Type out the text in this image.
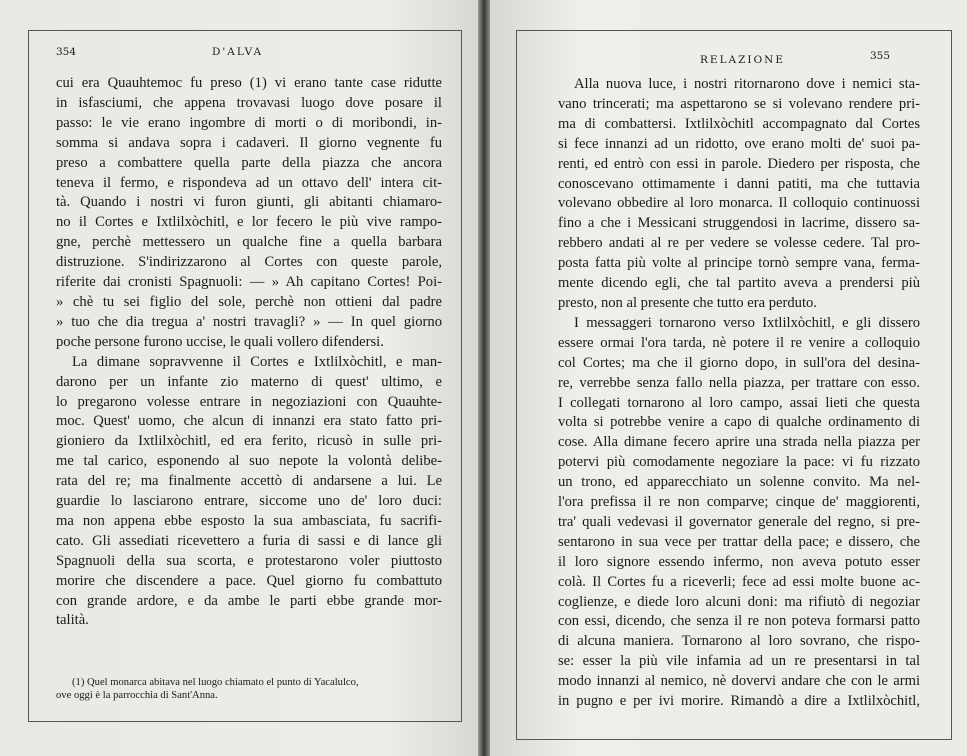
354	D'ALVA
cui era Quauhtemoc fu preso (1) vi erano tante case ridutte
in isfasciumi, che appena trovavasi luogo dove posare il
passo: le vie erano ingombre di morti o di moribondi, in-
somma si andava sopra i cadaveri. Il giorno vegnente fu
preso a combattere quella parte della piazza che ancora
teneva il fermo, e rispondeva ad un ottavo dell' intera cit-
tà. Quando i nostri vi furon giunti, gli abitanti chiamaro-
no il Cortes e Ixtlilxòchitl, e lor fecero le più vive rampo-
gne, perchè mettessero un qualche fine a quella barbara
distruzione. S'indirizzarono al Cortes con queste parole,
riferite dai cronisti Spagnuoli: — » Ah capitano Cortes! Poi-
» chè tu sei figlio del sole, perchè non ottieni dal padre
» tuo che dia tregua a' nostri travagli? » — In quel giorno
poche persone furono uccise, le quali vollero difendersi.
La dimane sopravvenne il Cortes e Ixtlilxòchitl, e man-
darono per un infante zio materno di quest' ultimo, e
lo pregarono volesse entrare in negoziazioni con Quauhte-
moc. Quest' uomo, che alcun di innanzi era stato fatto pri-
gioniero da Ixtlilxòchitl, ed era ferito, ricusò in sulle pri-
me tal carico, esponendo al suo nepote la volontà delibe-
rata del re; ma finalmente accettò di andarsene a lui. Le
guardie lo lasciarono entrare, siccome uno de' loro duci:
ma non appena ebbe esposto la sua ambasciata, fu sacrifi-
cato. Gli assediati ricevettero a furia di sassi e di lance gli
Spagnuoli della sua scorta, e protestarono voler piuttosto
morire che discendere a pace. Quel giorno fu combattuto
con grande ardore, e da ambe le parti ebbe grande mor-
talità.
(1) Quel monarca abitava nel luogo chiamato el punto di Yacalulco,
ove oggi è la parrocchia di Sant'Anna.
RELAZIONE	355
Alla nuova luce, i nostri ritornarono dove i nemici sta-
vano trincerati; ma aspettarono se si volevano rendere pri-
ma di combattersi. Ixtlilxòchitl accompagnato dal Cortes
si fece innanzi ad un ridotto, ove erano molti de' suoi pa-
renti, ed entrò con essi in parole. Diedero per risposta, che
conoscevano ottimamente i danni patiti, ma che tuttavia
volevano obbedire al loro monarca. Il colloquio continuossi
fino a che i Messicani struggendosi in lacrime, dissero sa-
rebbero andati al re per vedere se volesse cedere. Tal pro-
posta fatta più volte al principe tornò sempre vana, ferma-
mente dicendo egli, che tal partito aveva a prendersi più
presto, non al presente che tutto era perduto.
I messaggeri tornarono verso Ixtlilxòchitl, e gli dissero
essere ormai l'ora tarda, nè potere il re venire a colloquio
col Cortes; ma che il giorno dopo, in sull'ora del desina-
re, verrebbe senza fallo nella piazza, per trattare con esso.
I collegati tornarono al loro campo, assai lieti che questa
volta si potrebbe venire a capo di qualche ordinamento di
cose. Alla dimane fecero aprire una strada nella piazza per
potervi più comodamente negoziare la pace: vi fu rizzato
un trono, ed apparecchiato un solenne convito. Ma nel-
l'ora prefissa il re non comparve; cinque de' maggiorenti,
tra' quali vedevasi il governator generale del regno, si pre-
sentarono in sua vece per trattar della pace; e dissero, che
il loro signore essendo infermo, non aveva potuto esser
colà. Il Cortes fu a riceverli; fece ad essi molte buone ac-
coglienze, e diede loro alcuni doni: ma rifiutò di negoziar
con essi, dicendo, che senza il re non poteva formarsi patto
di alcuna maniera. Tornarono al loro sovrano, che rispo-
se: esser la più vile infamia ad un re presentarsi in tal
modo innanzi al nemico, nè dovervi andare che con le armi
in pugno e per ivi morire. Rimandò a dire a Ixtlilxòchitl,
